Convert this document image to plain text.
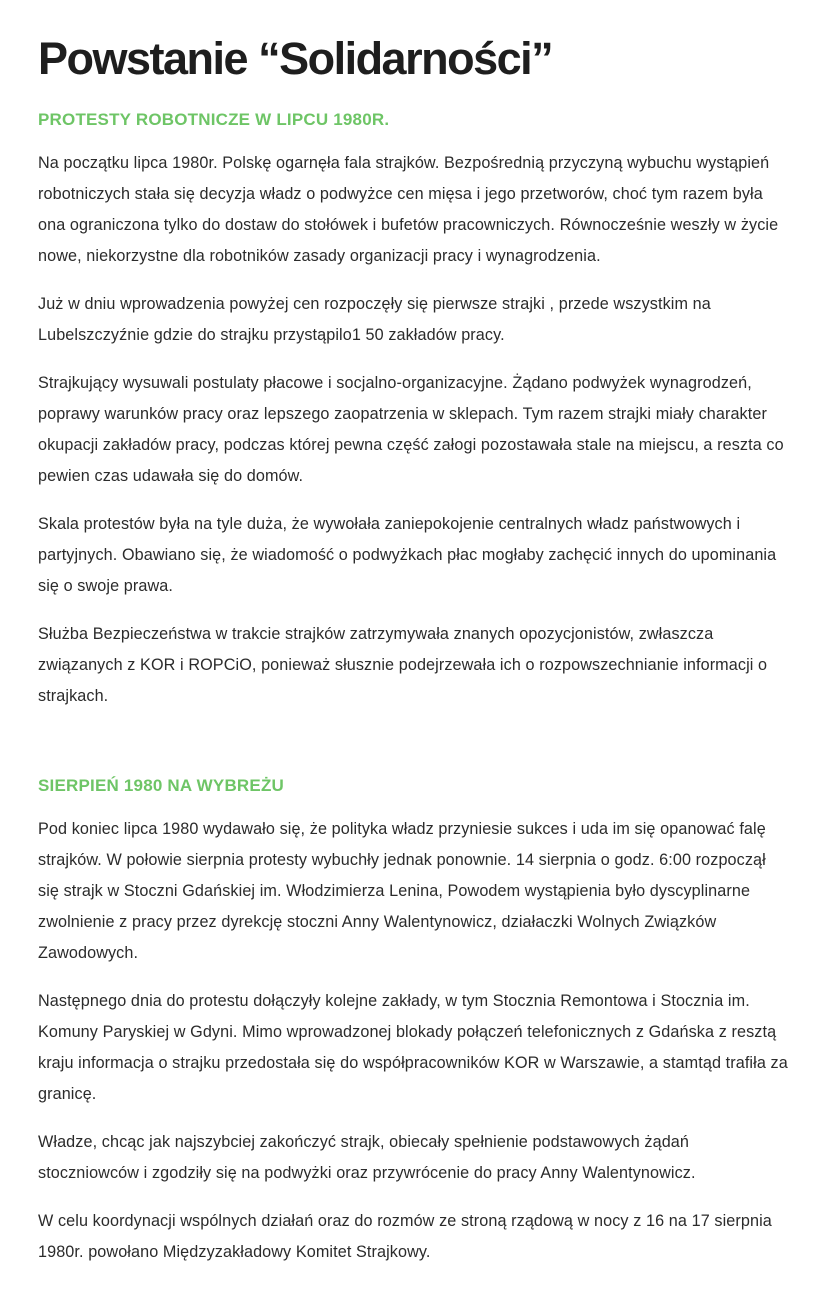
Powstanie “Solidarności”
PROTESTY ROBOTNICZE W LIPCU 1980R.

Na początku lipca 1980r. Polskę ogarnęła fala strajków. Bezpośrednią przyczyną wybuchu wystąpień robotniczych stała się decyzja władz o podwyżce cen mięsa i jego przetworów, choć tym razem była ona ograniczona tylko do dostaw do stołówek i bufetów pracowniczych. Równocześnie weszły w życie nowe, niekorzystne dla robotników zasady organizacji pracy i wynagrodzenia.

Już w dniu wprowadzenia powyżej cen rozpoczęły się pierwsze strajki , przede wszystkim na Lubelszczyźnie gdzie do strajku przystąpilo1 50 zakładów pracy.

Strajkujący wysuwali postulaty płacowe i socjalno-organizacyjne. Żądano podwyżek wynagrodzeń, poprawy warunków pracy oraz lepszego zaopatrzenia w sklepach. Tym razem strajki miały charakter okupacji zakładów pracy, podczas której pewna część załogi pozostawała stale na miejscu, a reszta co pewien czas udawała się do domów.

Skala protestów była na tyle duża, że wywołała zaniepokojenie centralnych władz państwowych i partyjnych. Obawiano się, że wiadomość o podwyżkach płac mogłaby zachęcić innych do upominania się o swoje prawa.

Służba Bezpieczeństwa w trakcie strajków zatrzymywała znanych opozycjonistów, zwłaszcza związanych z KOR i ROPCiO, ponieważ słusznie podejrzewała ich o rozpowszechnianie informacji o strajkach.

SIERPIEŃ 1980 NA WYBREŻU

Pod koniec lipca 1980 wydawało się, że polityka władz przyniesie sukces i uda im się opanować falę strajków. W połowie sierpnia protesty wybuchły jednak ponownie. 14 sierpnia o godz. 6:00 rozpoczął się strajk w Stoczni Gdańskiej im. Włodzimierza Lenina, Powodem wystąpienia było dyscyplinarne zwolnienie z pracy przez dyrekcję stoczni Anny Walentynowicz, działaczki Wolnych Związków Zawodowych.

Następnego dnia do protestu dołączyły kolejne zakłady, w tym Stocznia Remontowa i Stocznia im. Komuny Paryskiej w Gdyni. Mimo wprowadzonej blokady połączeń telefonicznych z Gdańska z resztą kraju informacja o strajku przedostała się do współpracowników KOR w Warszawie, a stamtąd trafiła za granicę.

Władze, chcąc jak najszybciej zakończyć strajk, obiecały spełnienie podstawowych żądań stoczniowców i zgodziły się na podwyżki oraz przywrócenie do pracy Anny Walentynowicz.

W celu koordynacji wspólnych działań oraz do rozmów ze stroną rządową w nocy z 16 na 17 sierpnia 1980r. powołano Międzyzakładowy Komitet Strajkowy.
